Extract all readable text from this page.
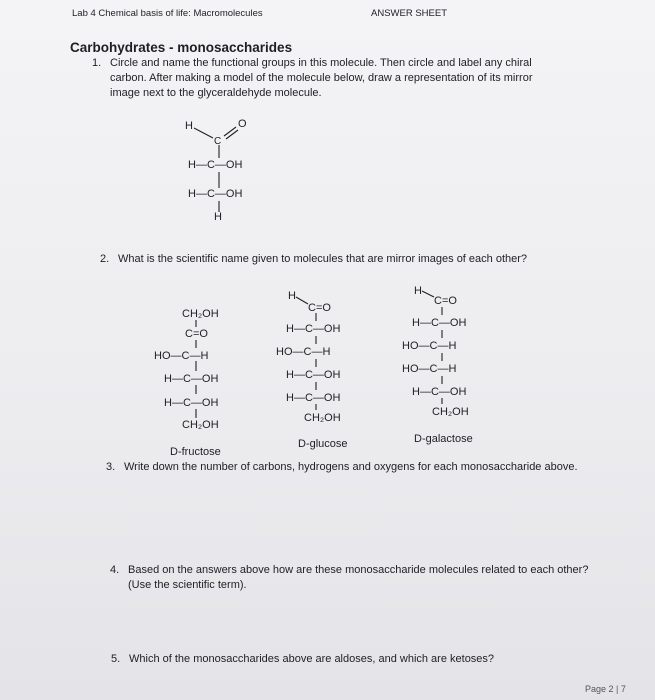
Lab 4 Chemical basis of life: Macromolecules	ANSWER SHEET
Carbohydrates - monosaccharides
1. Circle and name the functional groups in this molecule. Then circle and label any chiral carbon. After making a model of the molecule below, draw a representation of its mirror image next to the glyceraldehyde molecule.
H
C
O
H—C—OH
H—C—OH
H
2. What is the scientific name given to molecules that are mirror images of each other?
CH₂OH
C=O
HO—C—H
H—C—OH
H—C—OH
CH₂OH
D-fructose
H
C=O
H—C—OH
HO—C—H
H—C—OH
H—C—OH
CH₂OH
D-glucose
H
C=O
H—C—OH
HO—C—H
HO—C—H
H—C—OH
CH₂OH
D-galactose
3. Write down the number of carbons, hydrogens and oxygens for each monosaccharide above.
4. Based on the answers above how are these monosaccharide molecules related to each other? (Use the scientific term).
5. Which of the monosaccharides above are aldoses, and which are ketoses?
Page 2 | 7
